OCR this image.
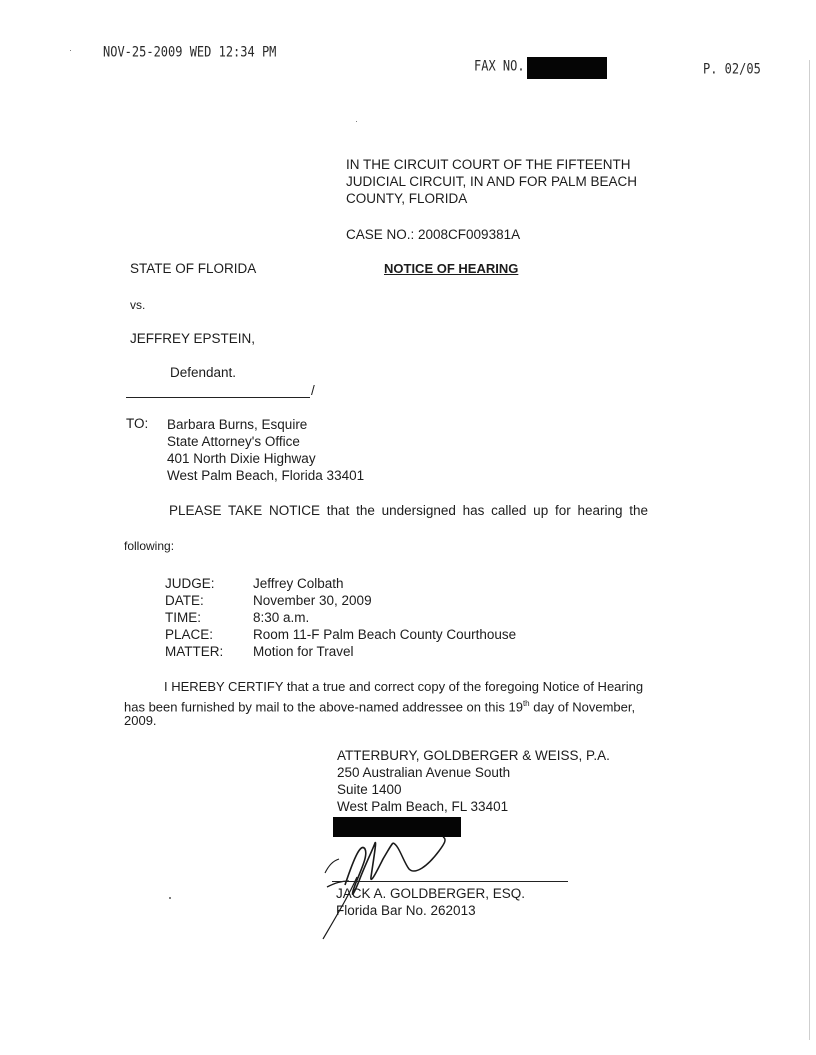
NOV-25-2009 WED 12:34 PM
FAX NO.	P. 02/05
IN THE CIRCUIT COURT OF THE FIFTEENTH
JUDICIAL CIRCUIT, IN AND FOR PALM BEACH
COUNTY, FLORIDA
CASE NO.: 2008CF009381A
STATE OF FLORIDA	NOTICE OF HEARING
vs.
JEFFREY EPSTEIN,
Defendant.
/
TO: Barbara Burns, Esquire
State Attorney's Office
401 North Dixie Highway
West Palm Beach, Florida 33401
PLEASE TAKE NOTICE that the undersigned has called up for hearing the
following:
JUDGE:	Jeffrey Colbath
DATE:	November 30, 2009
TIME:	8:30 a.m.
PLACE:	Room 11-F Palm Beach County Courthouse
MATTER: Motion for Travel
I HEREBY CERTIFY that a true and correct copy of the foregoing Notice of Hearing
has been furnished by mail to the above-named addressee on this 19th day of November,
2009.
ATTERBURY, GOLDBERGER & WEISS, P.A.
250 Australian Avenue South
Suite 1400
West Palm Beach, FL 33401
JACK A. GOLDBERGER, ESQ.
Florida Bar No. 262013
